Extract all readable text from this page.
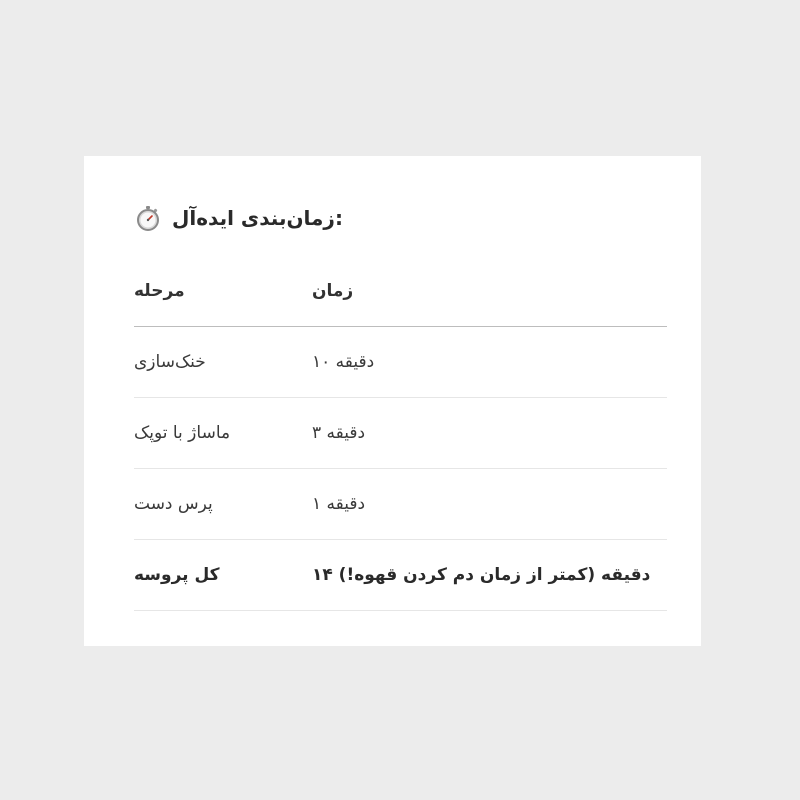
زمان‌بندی ایده‌آل:
مرحله	زمان
خنک‌سازی	۱۰ دقیقه
ماساژ با توپک	۳ دقیقه
پرس دست	۱ دقیقه
کل پروسه	۱۴ دقیقه (کمتر از زمان دم کردن قهوه!)
